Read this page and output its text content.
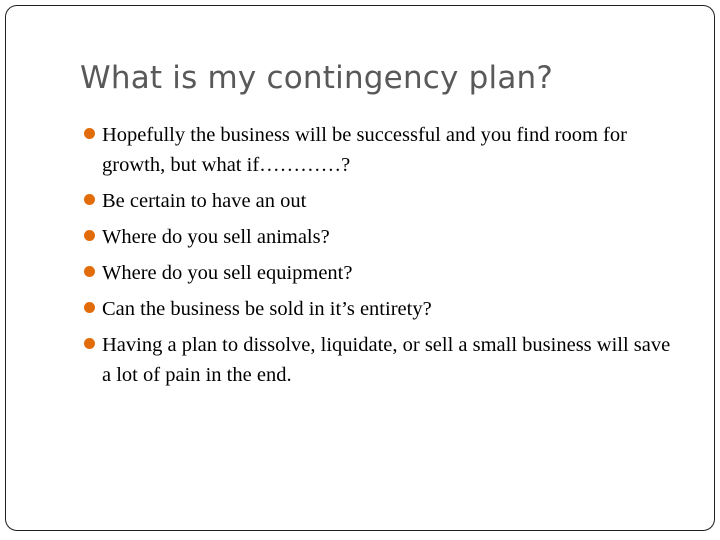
What is my contingency plan?
Hopefully the business will be successful and you find room for growth, but what if…………?
Be certain to have an out
Where do you sell animals?
Where do you sell equipment?
Can the business be sold in it’s entirety?
Having a plan to dissolve, liquidate, or sell a small business will save a lot of pain in the end.
